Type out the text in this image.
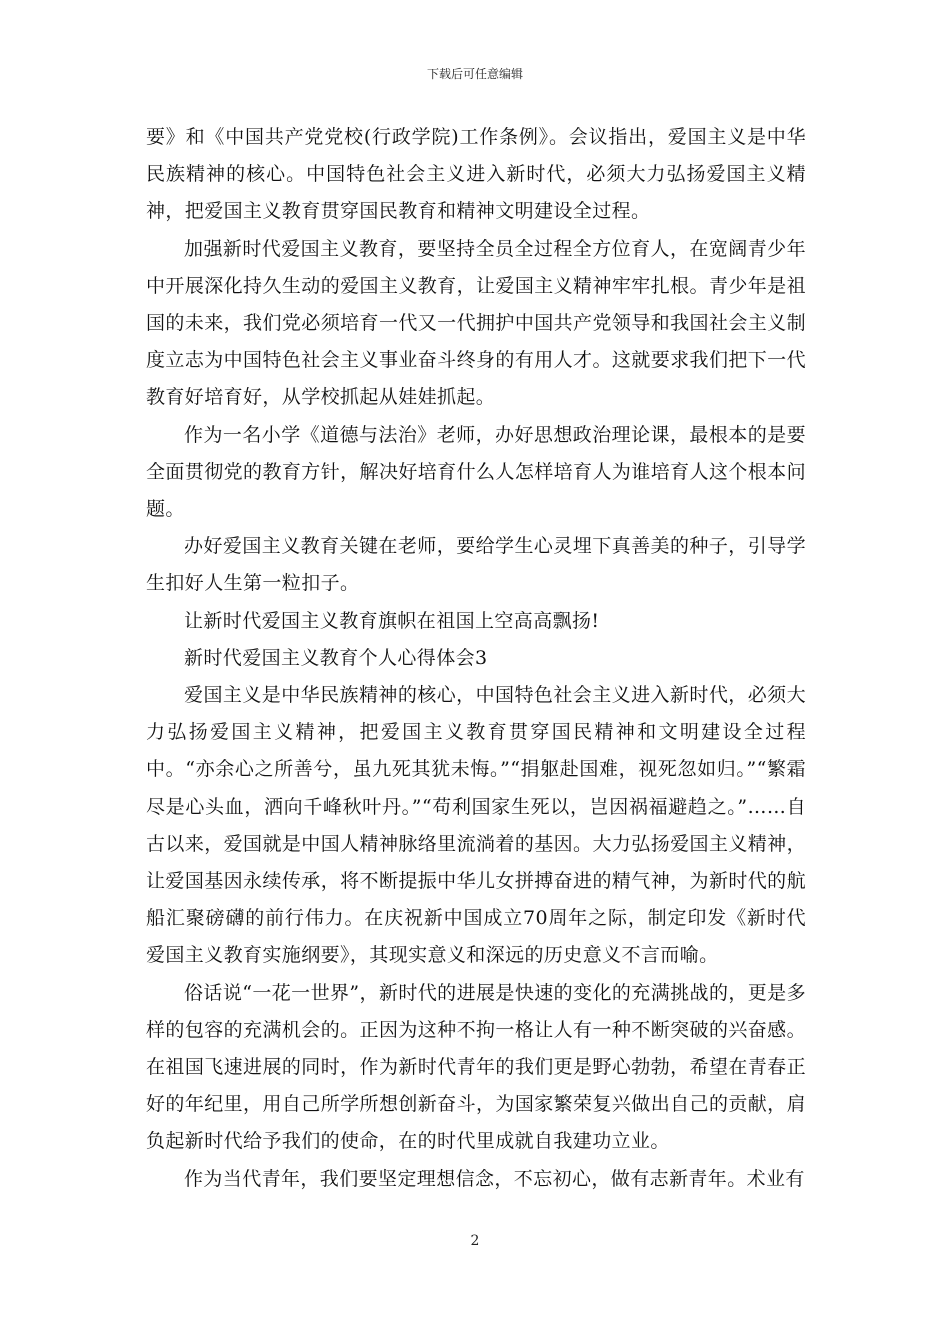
下载后可任意编辑

要》和《中国共产党党校(行政学院)工作条例》。会议指出，爱国主义是中华民族精神的核心。中国特色社会主义进入新时代，必须大力弘扬爱国主义精神，把爱国主义教育贯穿国民教育和精神文明建设全过程。

加强新时代爱国主义教育，要坚持全员全过程全方位育人，在宽阔青少年中开展深化持久生动的爱国主义教育，让爱国主义精神牢牢扎根。青少年是祖国的未来，我们党必须培育一代又一代拥护中国共产党领导和我国社会主义制度立志为中国特色社会主义事业奋斗终身的有用人才。这就要求我们把下一代教育好培育好，从学校抓起从娃娃抓起。

作为一名小学《道德与法治》老师，办好思想政治理论课，最根本的是要全面贯彻党的教育方针，解决好培育什么人怎样培育人为谁培育人这个根本问题。

办好爱国主义教育关键在老师，要给学生心灵埋下真善美的种子，引导学生扣好人生第一粒扣子。

让新时代爱国主义教育旗帜在祖国上空高高飘扬!

新时代爱国主义教育个人心得体会3

爱国主义是中华民族精神的核心，中国特色社会主义进入新时代，必须大力弘扬爱国主义精神，把爱国主义教育贯穿国民精神和文明建设全过程中。“亦余心之所善兮，虽九死其犹未悔。”“捐躯赴国难，视死忽如归。”“繁霜尽是心头血，洒向千峰秋叶丹。”“苟利国家生死以，岂因祸福避趋之。”……自古以来，爱国就是中国人精神脉络里流淌着的基因。大力弘扬爱国主义精神，让爱国基因永续传承，将不断提振中华儿女拼搏奋进的精气神，为新时代的航船汇聚磅礴的前行伟力。在庆祝新中国成立70周年之际，制定印发《新时代爱国主义教育实施纲要》，其现实意义和深远的历史意义不言而喻。

俗话说“一花一世界”，新时代的进展是快速的变化的充满挑战的，更是多样的包容的充满机会的。正因为这种不拘一格让人有一种不断突破的兴奋感。在祖国飞速进展的同时，作为新时代青年的我们更是野心勃勃，希望在青春正好的年纪里，用自己所学所想创新奋斗，为国家繁荣复兴做出自己的贡献，肩负起新时代给予我们的使命，在的时代里成就自我建功立业。

作为当代青年，我们要坚定理想信念，不忘初心，做有志新青年。术业有

2
